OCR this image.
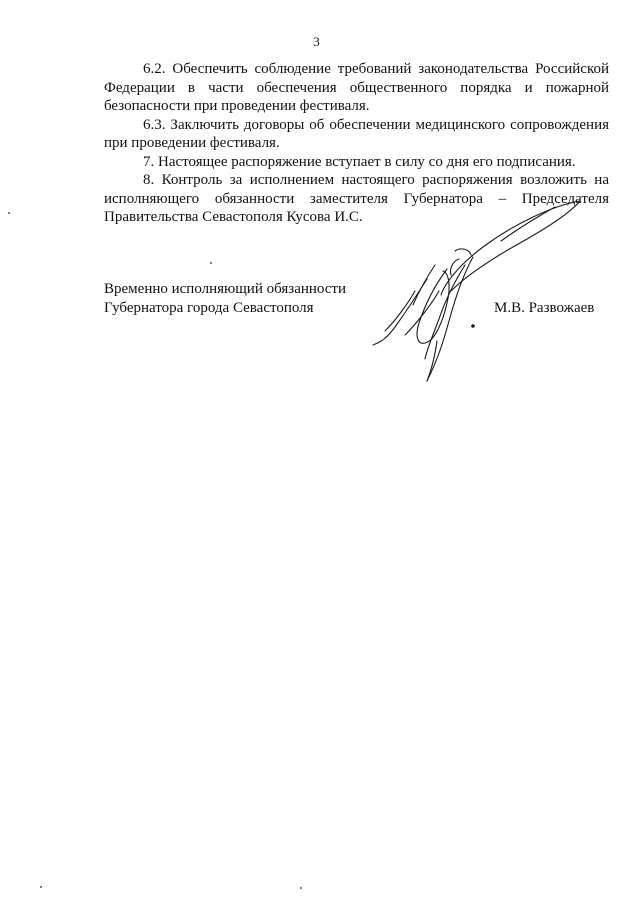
3

6.2. Обеспечить соблюдение требований законодательства Российской Федерации в части обеспечения общественного порядка и пожарной безопасности при проведении фестиваля.

6.3. Заключить договоры об обеспечении медицинского сопровождения при проведении фестиваля.

7. Настоящее распоряжение вступает в силу со дня его подписания.

8. Контроль за исполнением настоящего распоряжения возложить на исполняющего обязанности заместителя Губернатора – Председателя Правительства Севастополя Кусова И.С.

Временно исполняющий обязанности
Губернатора города Севастополя	М.В. Развожаев
